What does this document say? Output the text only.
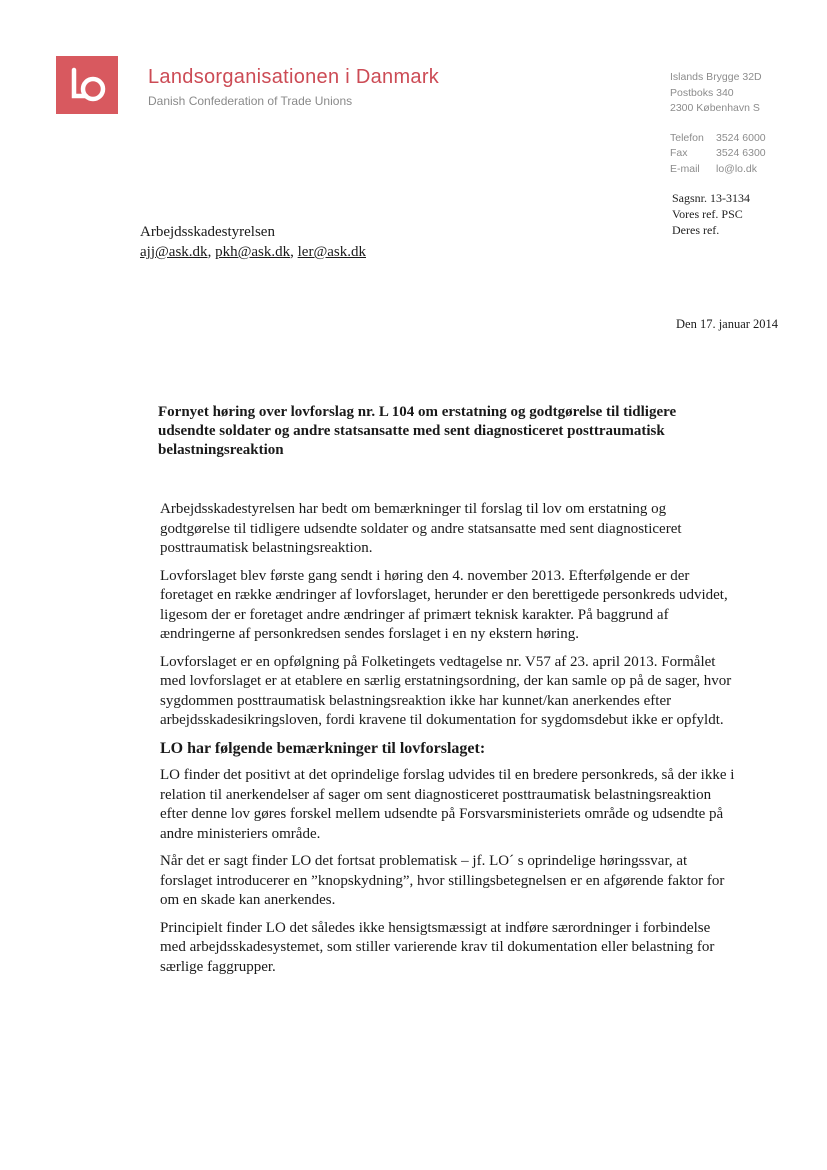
Landsorganisationen i Danmark
Danish Confederation of Trade Unions
Islands Brygge 32D
Postboks 340
2300 København S
Telefon 3524 6000
Fax	3524 6300
E-mail lo@lo.dk
Sagsnr. 13-3134
Vores ref. PSC
Deres ref.
Arbejdsskadestyrelsen
ajj@ask.dk, pkh@ask.dk, ler@ask.dk
Den 17. januar 2014
Fornyet høring over lovforslag nr. L 104 om erstatning og godtgørelse til tidligere udsendte soldater og andre statsansatte med sent diagnosticeret posttraumatisk belastningsreaktion

Arbejdsskadestyrelsen har bedt om bemærkninger til forslag til lov om erstatning og godtgørelse til tidligere udsendte soldater og andre statsansatte med sent diagnosticeret posttraumatisk belastningsreaktion.

Lovforslaget blev første gang sendt i høring den 4. november 2013. Efterfølgende er der foretaget en række ændringer af lovforslaget, herunder er den berettigede personkreds udvidet, ligesom der er foretaget andre ændringer af primært teknisk karakter. På baggrund af ændringerne af personkredsen sendes forslaget i en ny ekstern høring.

Lovforslaget er en opfølgning på Folketingets vedtagelse nr. V57 af 23. april 2013. Formålet med lovforslaget er at etablere en særlig erstatningsordning, der kan samle op på de sager, hvor sygdommen posttraumatisk belastningsreaktion ikke har kunnet/kan anerkendes efter arbejdsskadesikringsloven, fordi kravene til dokumentation for sygdomsdebut ikke er opfyldt.

LO har følgende bemærkninger til lovforslaget:

LO finder det positivt at det oprindelige forslag udvides til en bredere personkreds, så der ikke i relation til anerkendelser af sager om sent diagnosticeret posttraumatisk belastningsreaktion efter denne lov gøres forskel mellem udsendte på Forsvarsministeriets område og udsendte på andre ministeriers område.

Når det er sagt finder LO det fortsat problematisk – jf. LO´ s oprindelige høringssvar, at forslaget introducerer en ”knopskydning”, hvor stillingsbetegnelsen er en afgørende faktor for om en skade kan anerkendes.

Principielt finder LO det således ikke hensigtsmæssigt at indføre særordninger i forbindelse med arbejdsskadesystemet, som stiller varierende krav til dokumentation eller belastning for særlige faggrupper.
